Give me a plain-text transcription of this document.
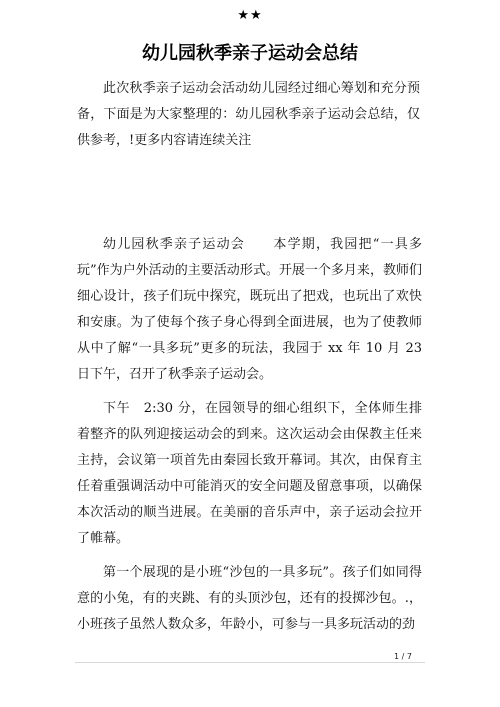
★★
幼儿园秋季亲子运动会总结

此次秋季亲子运动会活动幼儿园经过细心筹划和充分预备，下面是为大家整理的：幼儿园秋季亲子运动会总结，仅供参考，!更多内容请连续关注

幼儿园秋季亲子运动会　　本学期，我园把“一具多玩”作为户外活动的主要活动形式。开展一个多月来，教师们细心设计，孩子们玩中探究，既玩出了把戏，也玩出了欢快和安康。为了使每个孩子身心得到全面进展，也为了使教师从中了解“一具多玩”更多的玩法，我园于 xx 年 10 月 23 日下午，召开了秋季亲子运动会。

下午　2:30 分，在园领导的细心组织下，全体师生排着整齐的队列迎接运动会的到来。这次运动会由保教主任来主持，会议第一项首先由秦园长致开幕词。其次，由保育主任着重强调活动中可能消灭的安全问题及留意事项，以确保本次活动的顺当进展。在美丽的音乐声中，亲子运动会拉开了帷幕。

第一个展现的是小班“沙包的一具多玩”。孩子们如同得意的小兔，有的夹跳、有的头顶沙包，还有的投掷沙包。.，小班孩子虽然人数众多，年龄小，可参与一具多玩活动的劲

1 / 7
